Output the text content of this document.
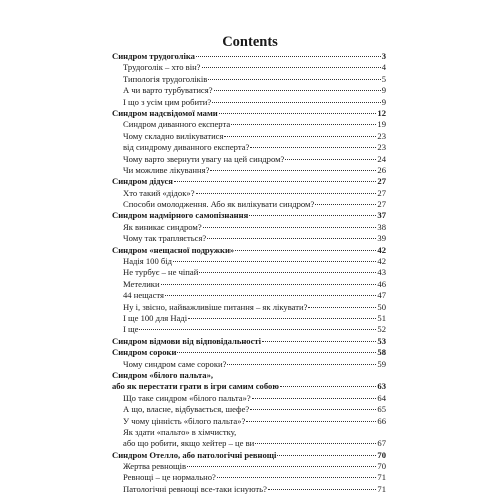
Contents
Синдром трудоголіка	3
Трудоголік – хто він?	4
Типологія трудоголіків	5
А чи варто турбуватися?	9
І що з усім цим робити?	9
Синдром надсвідомої мами	12
Синдром диванного експерта	19
Чому складно вилікуватися	23
від синдрому диванного експерта?	23
Чому варто звернути увагу на цей синдром?	24
Чи можливе лікування?	26
Синдром дідуся	27
Хто такий «дідок»?	27
Способи омолодження. Або як вилікувати синдром?	27
Синдром надмірного самопізнання	37
Як виникає синдром?	38
Чому так трапляється?	39
Синдром «нещасної подружки»	42
Надія 100 бід	42
Не турбує – не чіпай	43
Метелики	46
44 нещастя	47
Ну і, звісно, найважливіше питання – як лікувати?	50
І ще 100 для Наді	51
І ще	52
Синдром відмови від відповідальності	53
Синдром сороки	58
Чому синдром саме сороки?	59
Синдром «білого пальта»,
або як перестати грати в ігри самим собою	63
Що таке синдром «білого пальта»?	64
А що, власне, відбувається, шефе?	65
У чому цінність «білого пальта»?	66
Як здати «пальто» в хімчистку,
або що робити, якщо хейтер – це ви	67
Синдром Отелло, або патологічні ревнощі	70
Жертва ревнощів	70
Ревнощі – це нормально?	71
Патологічні ревнощі все-таки існують?	71
